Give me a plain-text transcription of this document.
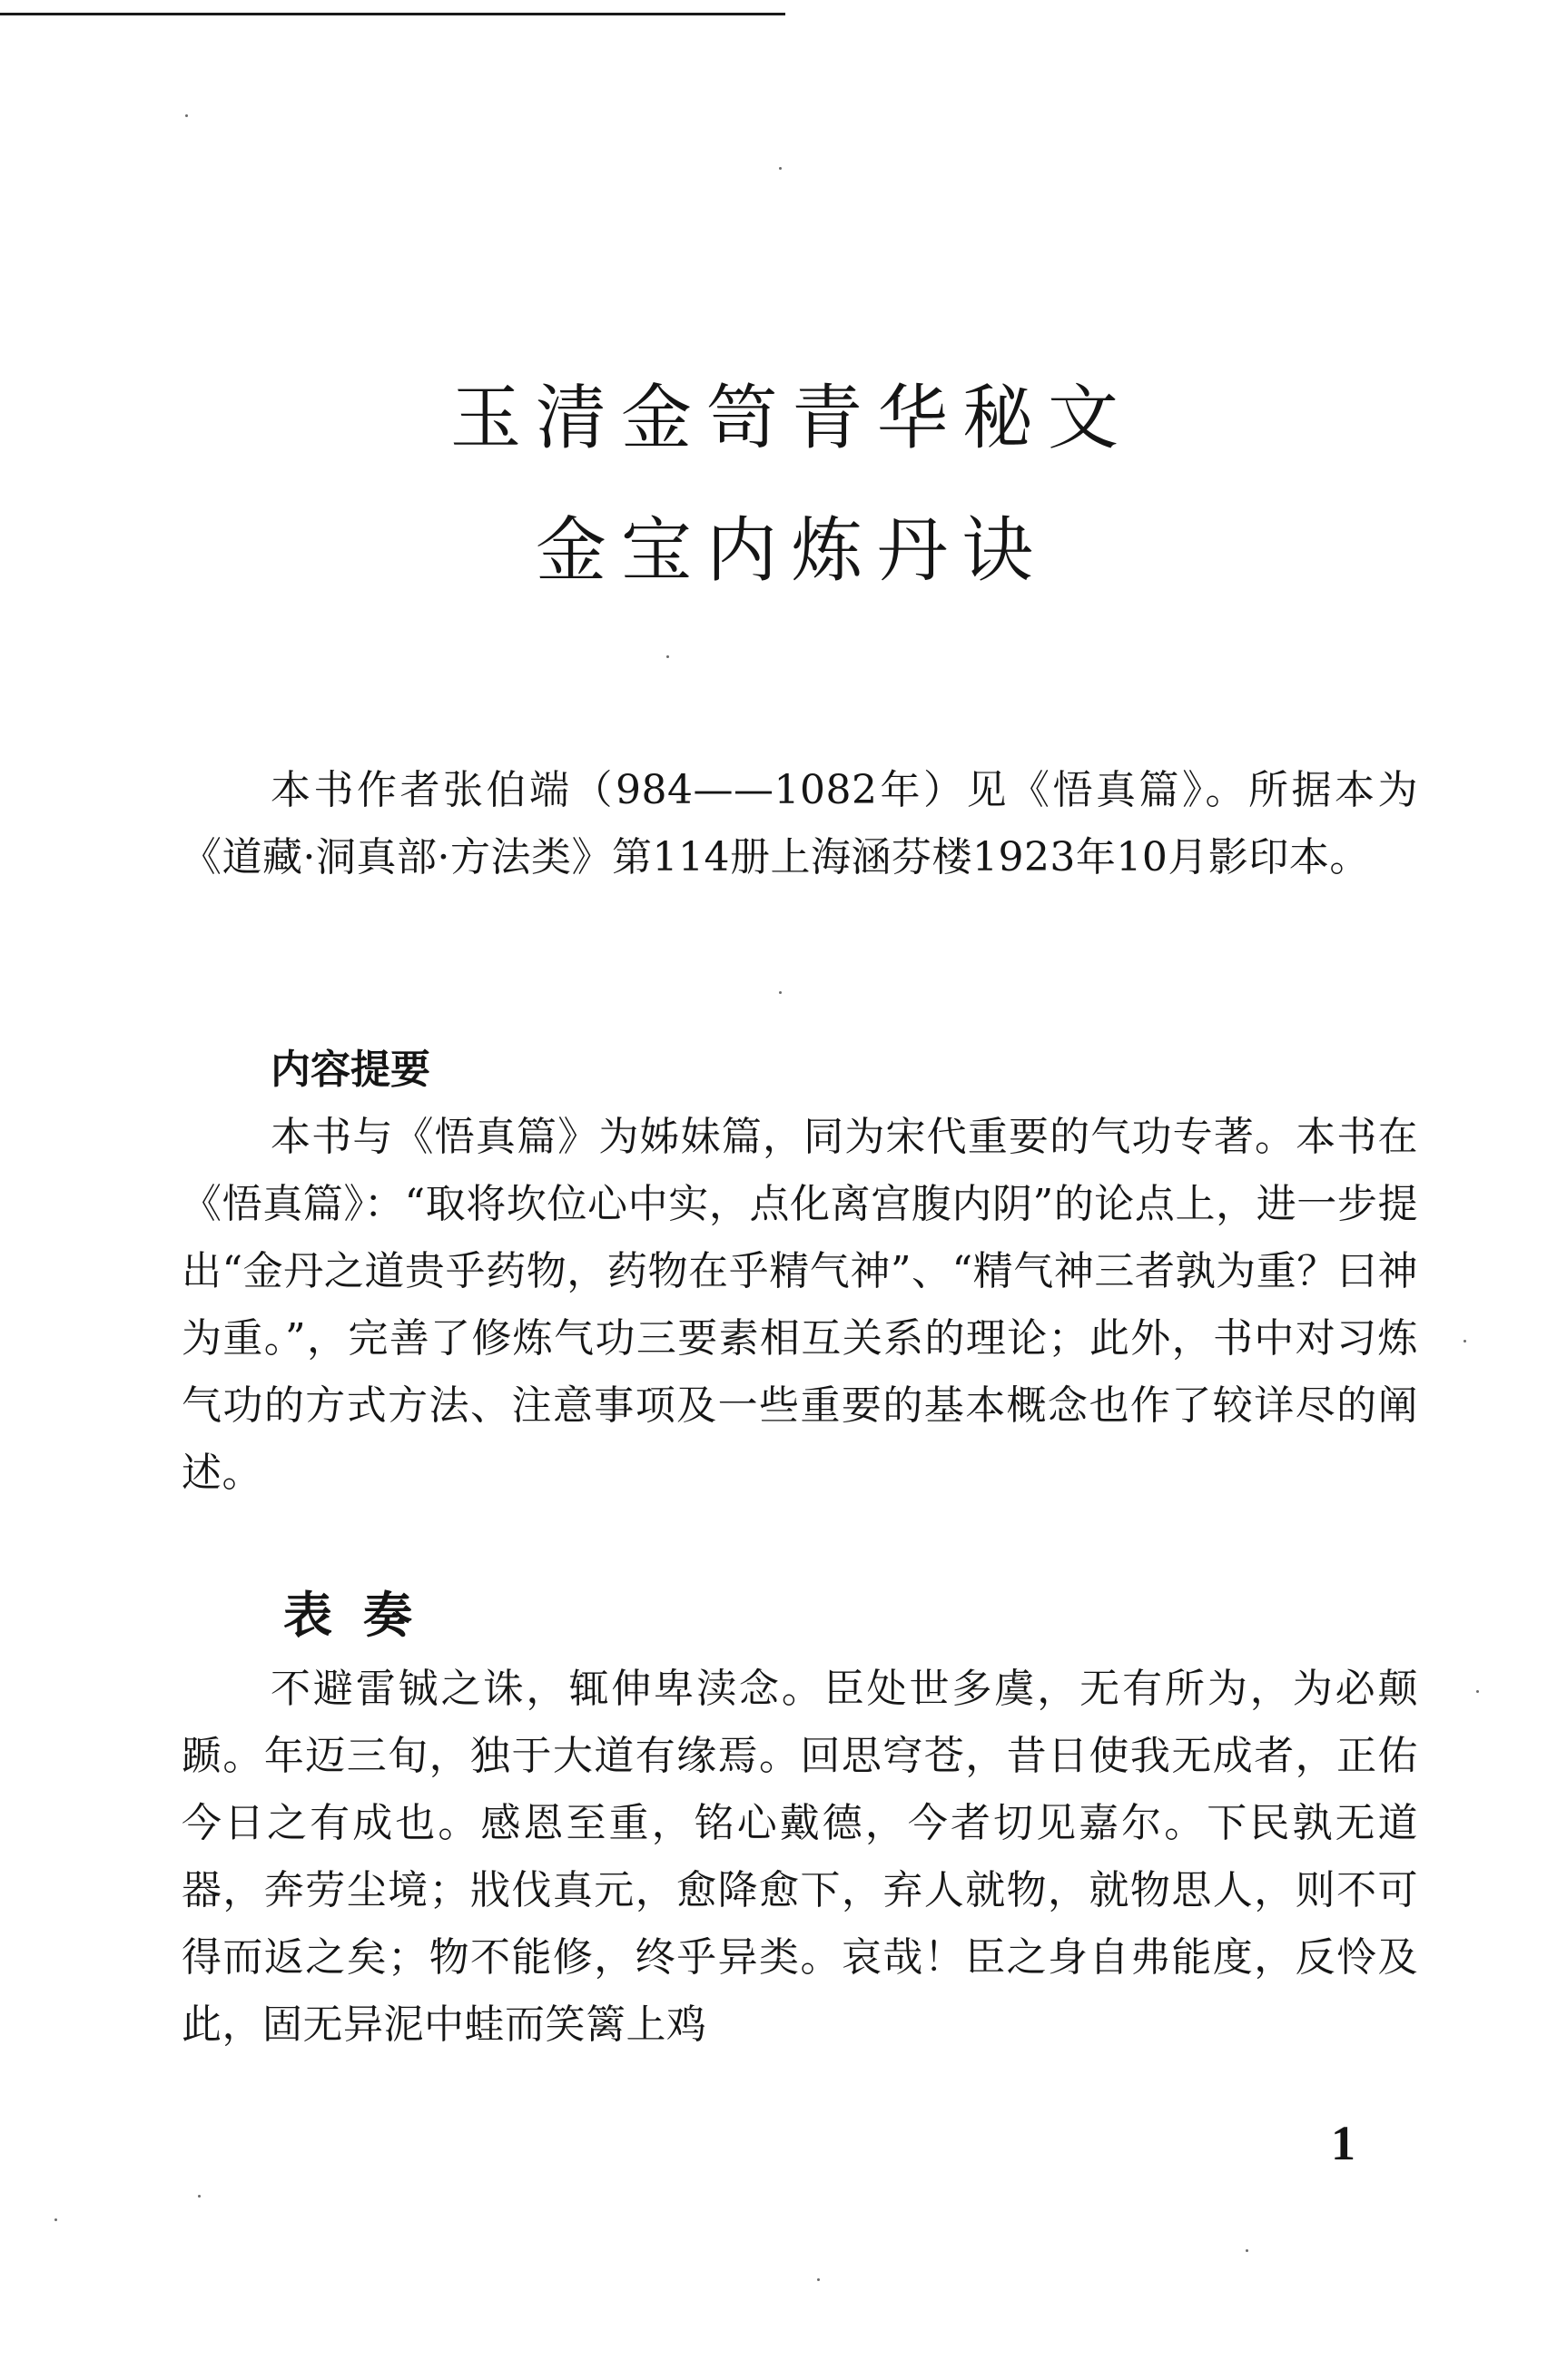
玉清金笥青华秘文
金宝内炼丹诀

本书作者张伯端（984——1082年）见《悟真篇》。所据本为《道藏·洞真部·方法类》第114册上海涵芬楼1923年10月影印本。

内容提要

本书与《悟真篇》为姊妹篇，同为宋代重要的气功专著。本书在《悟真篇》：“取将坎位心中实，点化离宫腹内阴”的论点上，进一步提出“金丹之道贵乎药物，药物在乎精气神”、“精气神三者孰为重？曰神为重。”，完善了修炼气功三要素相互关系的理论；此外，书中对习炼气功的方式方法、注意事项及一些重要的基本概念也作了较详尽的阐述。

表奏

不避雷铖之诛，辄伸卑渎念。臣处世多虞，无有所为，为必颠踬。年迈三旬，独于大道有缘焉。回思穹苍，昔日使我无成者，正佑今日之有成也。感恩至重，铭心戴德，今者切见嘉尔。下民孰无道器，奔劳尘境；戕伐真元，愈降愈下，弃人就物，就物思人，则不可得而返之矣；物不能修，终乎异类。哀哉！臣之身自弗能度，反怜及此，固无异泥中蛙而笑篱上鸡

1
